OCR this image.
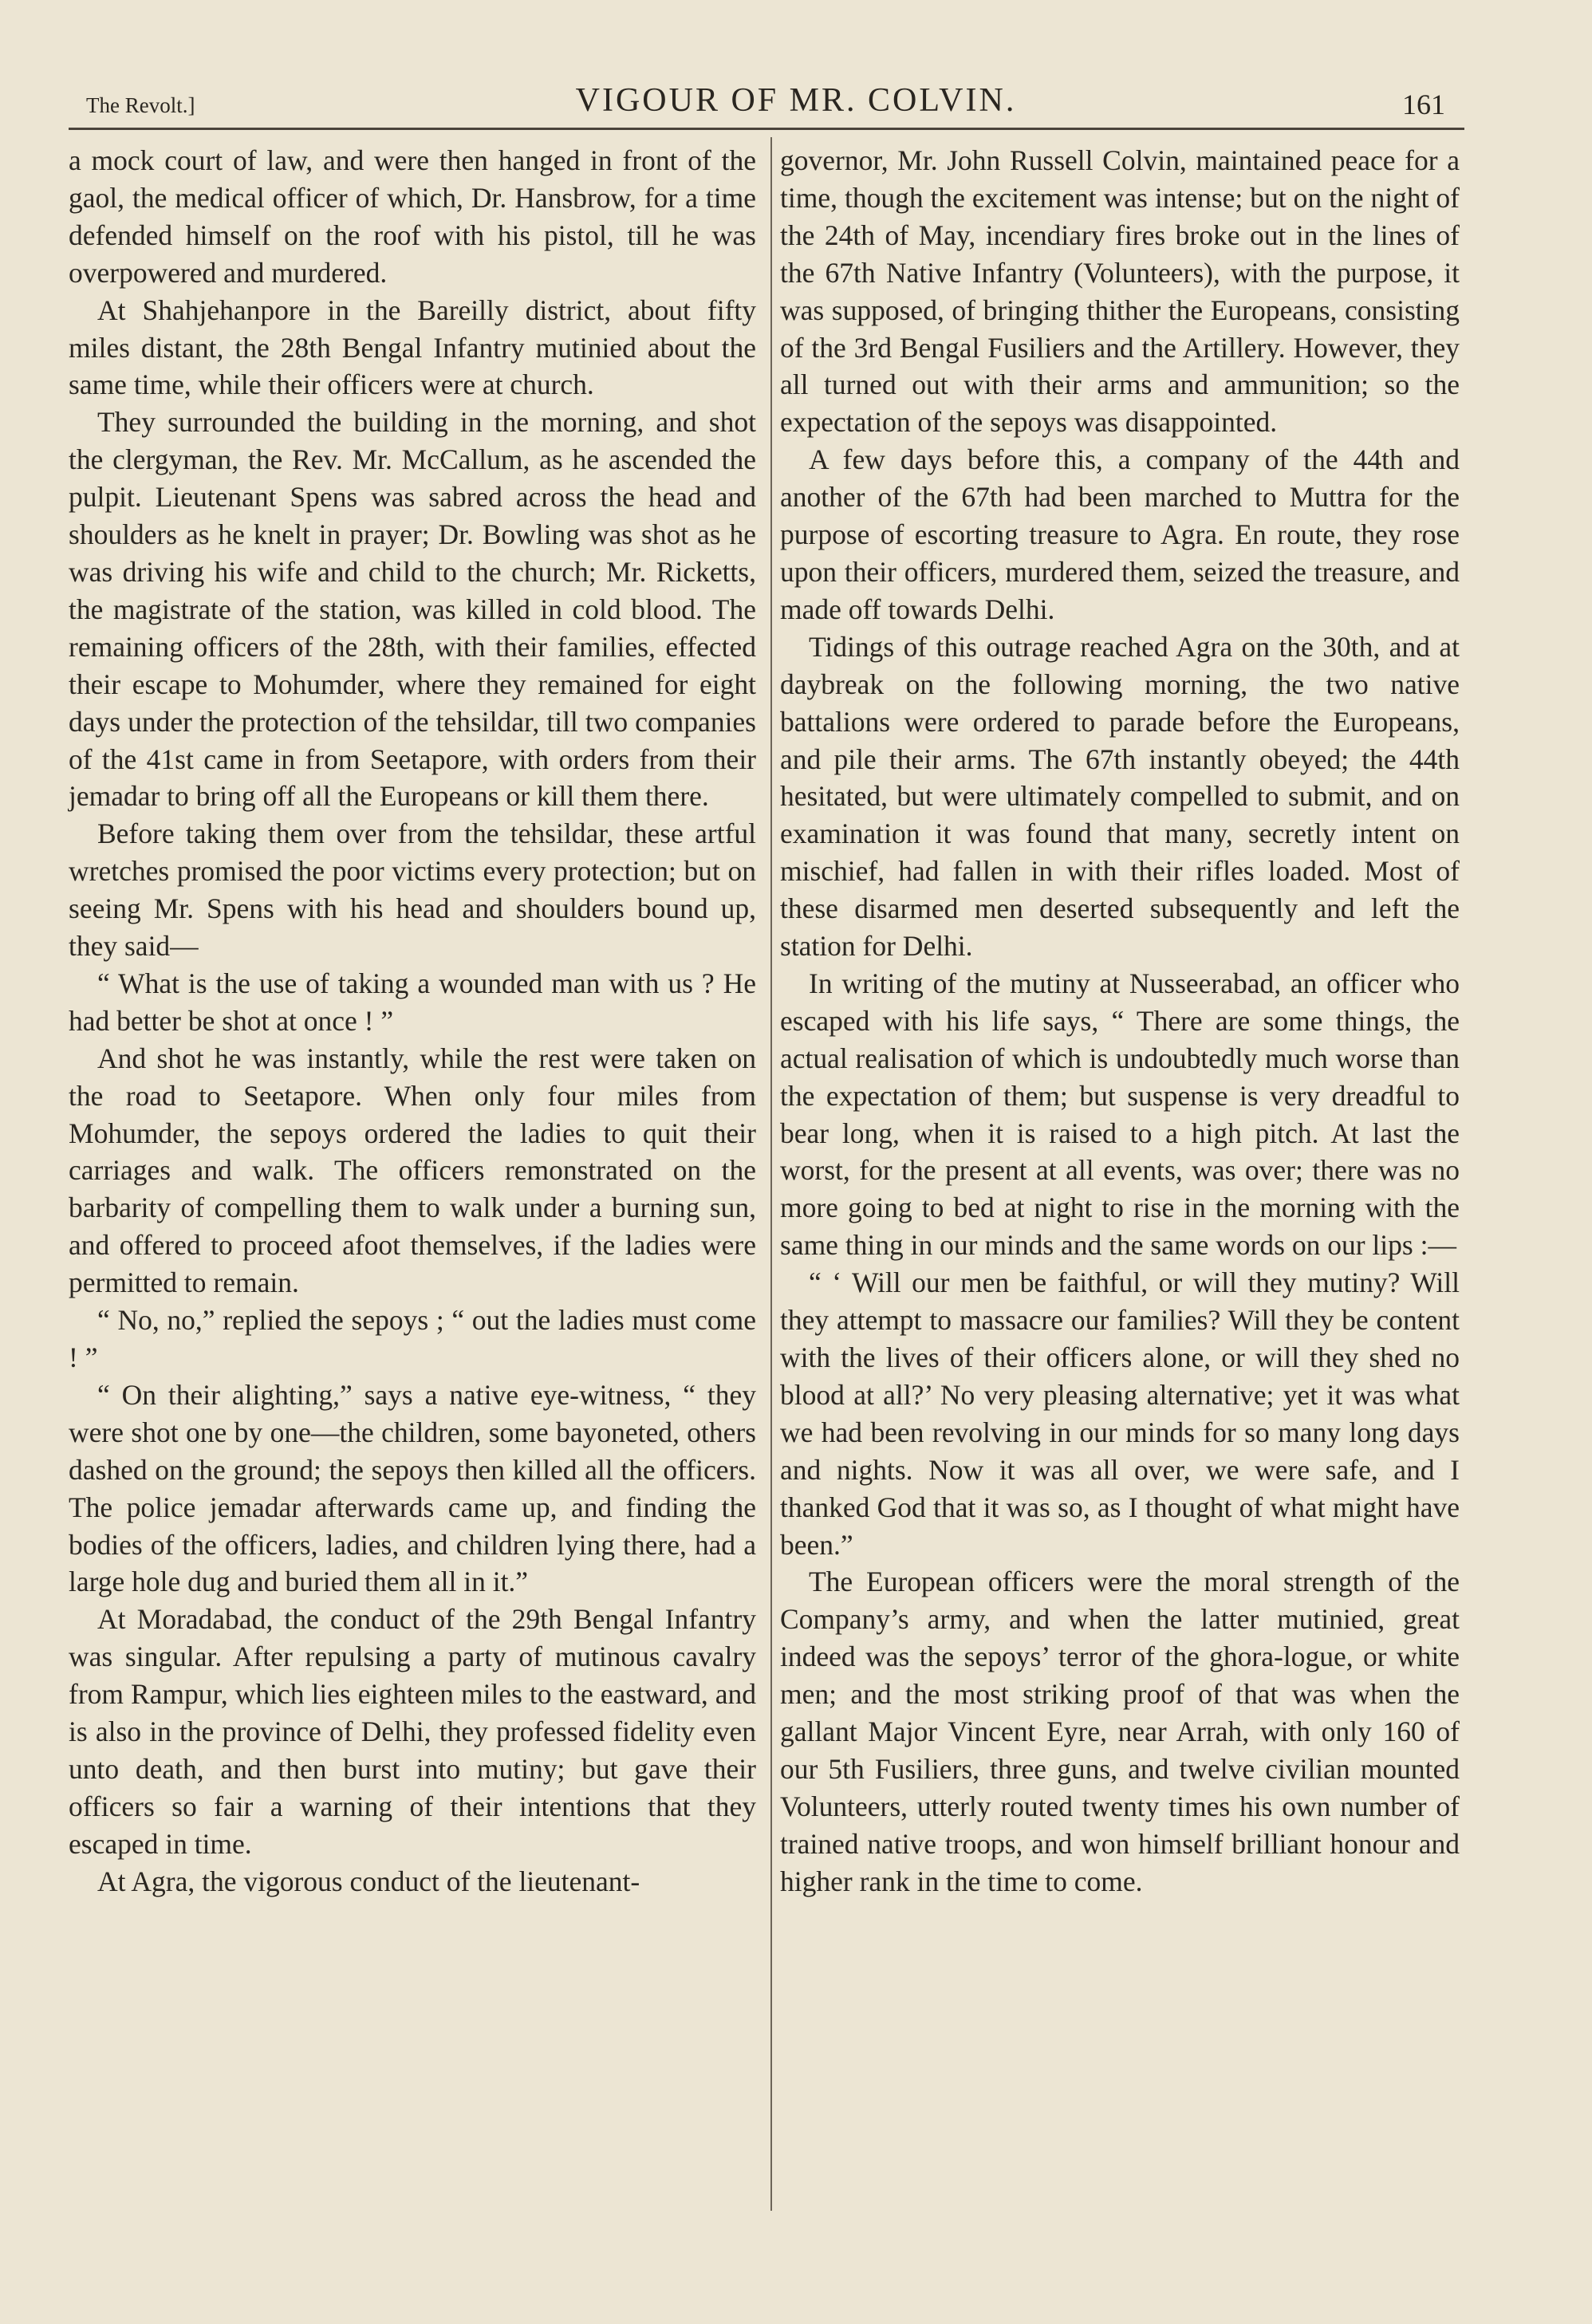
The Revolt.]	VIGOUR OF MR. COLVIN.	161

a mock court of law, and were then hanged in front of the gaol, the medical officer of which, Dr. Hansbrow, for a time defended himself on the roof with his pistol, till he was overpowered and murdered.

At Shahjehanpore in the Bareilly district, about fifty miles distant, the 28th Bengal Infantry mutinied about the same time, while their officers were at church.

They surrounded the building in the morning, and shot the clergyman, the Rev. Mr. McCallum, as he ascended the pulpit. Lieutenant Spens was sabred across the head and shoulders as he knelt in prayer; Dr. Bowling was shot as he was driving his wife and child to the church; Mr. Ricketts, the magistrate of the station, was killed in cold blood. The remaining officers of the 28th, with their families, effected their escape to Mohumder, where they remained for eight days under the protection of the tehsildar, till two companies of the 41st came in from Seetapore, with orders from their jemadar to bring off all the Europeans or kill them there.

Before taking them over from the tehsildar, these artful wretches promised the poor victims every protection; but on seeing Mr. Spens with his head and shoulders bound up, they said—

“ What is the use of taking a wounded man with us ? He had better be shot at once ! ”

And shot he was instantly, while the rest were taken on the road to Seetapore. When only four miles from Mohumder, the sepoys ordered the ladies to quit their carriages and walk. The officers remonstrated on the barbarity of compelling them to walk under a burning sun, and offered to proceed afoot themselves, if the ladies were permitted to remain.

“ No, no,” replied the sepoys ; “ out the ladies must come ! ”

“ On their alighting,” says a native eye-witness, “ they were shot one by one—the children, some bayoneted, others dashed on the ground; the sepoys then killed all the officers. The police jemadar afterwards came up, and finding the bodies of the officers, ladies, and children lying there, had a large hole dug and buried them all in it.”

At Moradabad, the conduct of the 29th Bengal Infantry was singular. After repulsing a party of mutinous cavalry from Rampur, which lies eighteen miles to the eastward, and is also in the province of Delhi, they professed fidelity even unto death, and then burst into mutiny; but gave their officers so fair a warning of their intentions that they escaped in time.

At Agra, the vigorous conduct of the lieutenant-

governor, Mr. John Russell Colvin, maintained peace for a time, though the excitement was intense; but on the night of the 24th of May, incendiary fires broke out in the lines of the 67th Native Infantry (Volunteers), with the purpose, it was supposed, of bringing thither the Europeans, consisting of the 3rd Bengal Fusiliers and the Artillery. However, they all turned out with their arms and ammunition; so the expectation of the sepoys was disappointed.

A few days before this, a company of the 44th and another of the 67th had been marched to Muttra for the purpose of escorting treasure to Agra. En route, they rose upon their officers, murdered them, seized the treasure, and made off towards Delhi.

Tidings of this outrage reached Agra on the 30th, and at daybreak on the following morning, the two native battalions were ordered to parade before the Europeans, and pile their arms. The 67th instantly obeyed; the 44th hesitated, but were ultimately compelled to submit, and on examination it was found that many, secretly intent on mischief, had fallen in with their rifles loaded. Most of these disarmed men deserted subsequently and left the station for Delhi.

In writing of the mutiny at Nusseerabad, an officer who escaped with his life says, “ There are some things, the actual realisation of which is undoubtedly much worse than the expectation of them; but suspense is very dreadful to bear long, when it is raised to a high pitch. At last the worst, for the present at all events, was over; there was no more going to bed at night to rise in the morning with the same thing in our minds and the same words on our lips :—

“ ‘ Will our men be faithful, or will they mutiny? Will they attempt to massacre our families? Will they be content with the lives of their officers alone, or will they shed no blood at all?’ No very pleasing alternative; yet it was what we had been revolving in our minds for so many long days and nights. Now it was all over, we were safe, and I thanked God that it was so, as I thought of what might have been.”

The European officers were the moral strength of the Company’s army, and when the latter mutinied, great indeed was the sepoys’ terror of the ghora-logue, or white men; and the most striking proof of that was when the gallant Major Vincent Eyre, near Arrah, with only 160 of our 5th Fusiliers, three guns, and twelve civilian mounted Volunteers, utterly routed twenty times his own number of trained native troops, and won himself brilliant honour and higher rank in the time to come.
